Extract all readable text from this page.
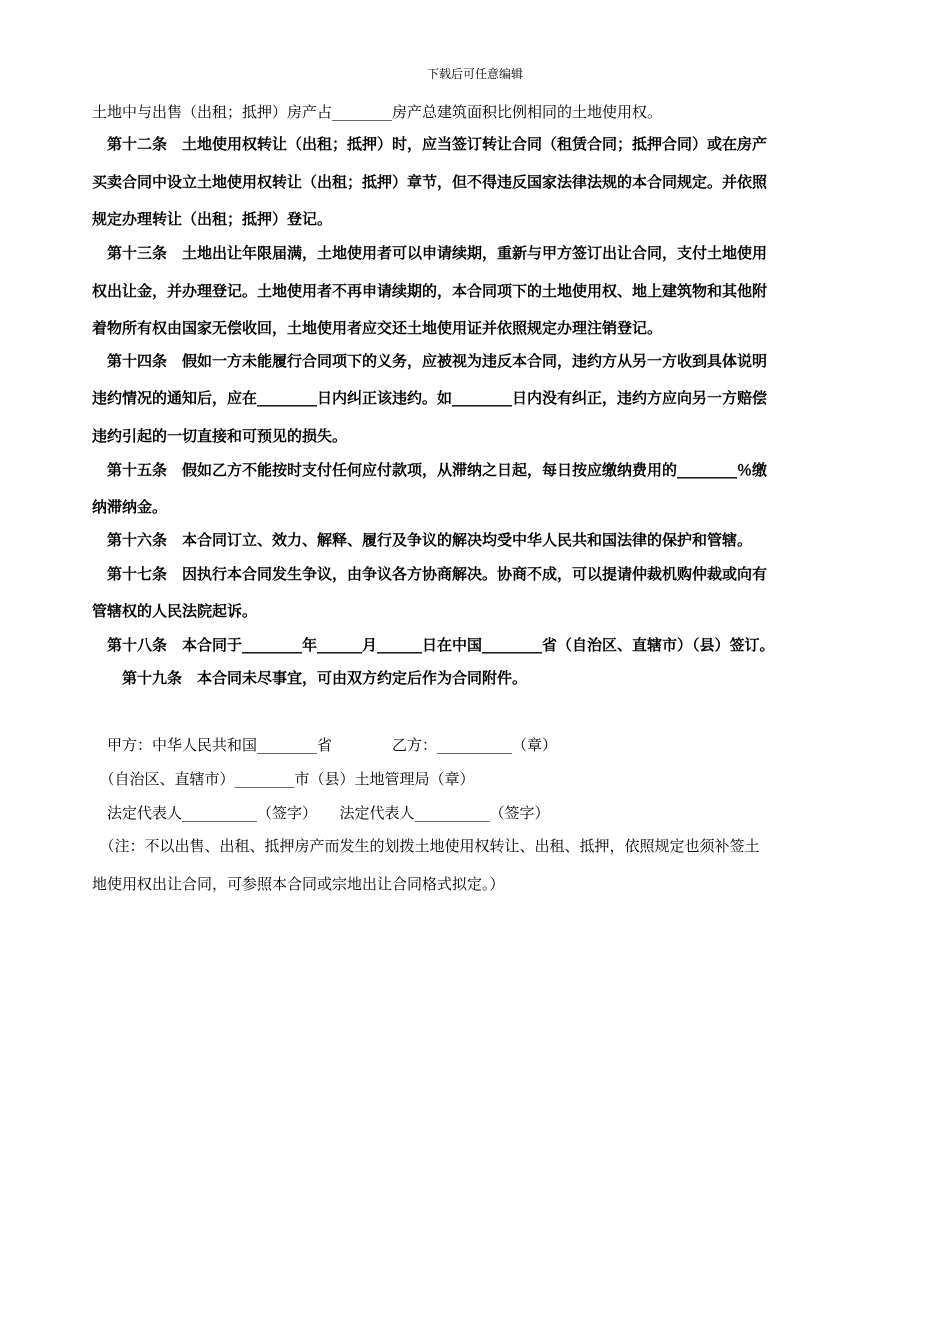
下载后可任意编辑
土地中与出售（出租；抵押）房产占________房产总建筑面积比例相同的土地使用权。
　第十二条　土地使用权转让（出租；抵押）时，应当签订转让合同（租赁合同；抵押合同）或在房产
买卖合同中设立土地使用权转让（出租；抵押）章节，但不得违反国家法律法规的本合同规定。并依照
规定办理转让（出租；抵押）登记。
　第十三条　土地出让年限届满，土地使用者可以申请续期，重新与甲方签订出让合同，支付土地使用
权出让金，并办理登记。土地使用者不再申请续期的，本合同项下的土地使用权、地上建筑物和其他附
着物所有权由国家无偿收回，土地使用者应交还土地使用证并依照规定办理注销登记。
　第十四条　假如一方未能履行合同项下的义务，应被视为违反本合同，违约方从另一方收到具体说明
违约情况的通知后，应在________日内纠正该违约。如________日内没有纠正，违约方应向另一方赔偿
违约引起的一切直接和可预见的损失。
　第十五条　假如乙方不能按时支付任何应付款项，从滞纳之日起，每日按应缴纳费用的________％缴
纳滞纳金。
　第十六条　本合同订立、效力、解释、履行及争议的解决均受中华人民共和国法律的保护和管辖。
　第十七条　因执行本合同发生争议，由争议各方协商解决。协商不成，可以提请仲裁机购仲裁或向有
管辖权的人民法院起诉。
　第十八条　本合同于________年______月______日在中国________省（自治区、直辖市）（县）签订。
　　第十九条　本合同未尽事宜，可由双方约定后作为合同附件。
　甲方：中华人民共和国________省　　　　乙方：__________（章）
　（自治区、直辖市）________市（县）土地管理局（章）
　法定代表人__________（签字）　　法定代表人__________（签字）
　（注：不以出售、出租、抵押房产而发生的划拨土地使用权转让、出租、抵押，依照规定也须补签土
地使用权出让合同，可参照本合同或宗地出让合同格式拟定。）
